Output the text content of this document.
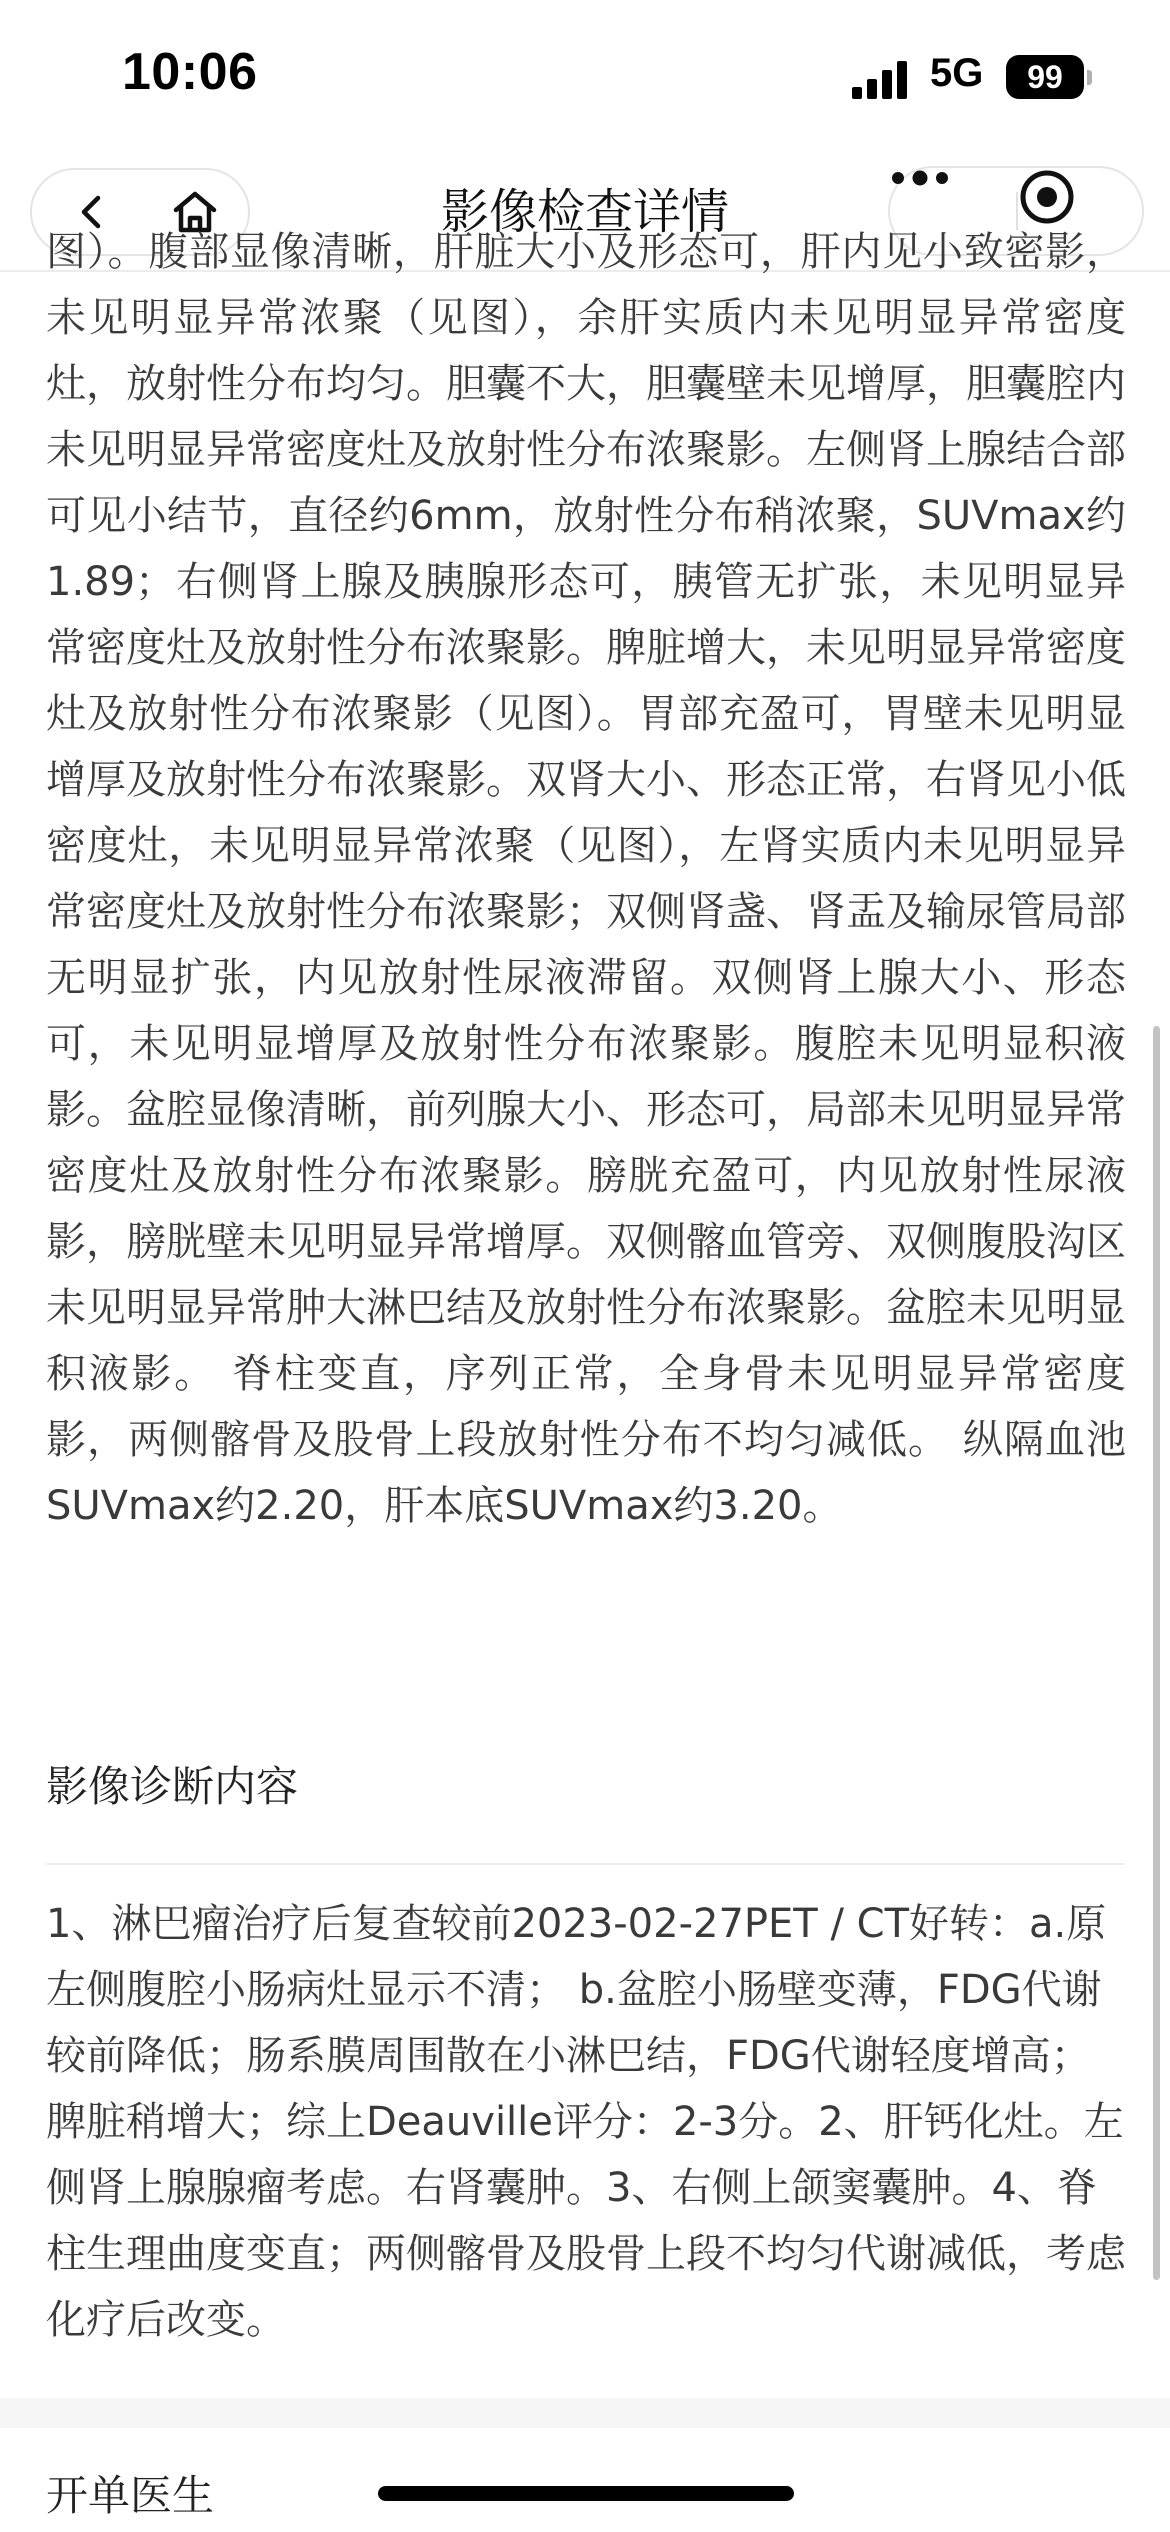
10:06	5G	99
影像检查详情

图）。腹部显像清晰，肝脏大小及形态可，肝内见小致密影，未见明显异常浓聚（见图），余肝实质内未见明显异常密度灶，放射性分布均匀。胆囊不大，胆囊壁未见增厚，胆囊腔内未见明显异常密度灶及放射性分布浓聚影。左侧肾上腺结合部可见小结节，直径约6mm，放射性分布稍浓聚，SUVmax约1.89；右侧肾上腺及胰腺形态可，胰管无扩张，未见明显异常密度灶及放射性分布浓聚影。脾脏增大，未见明显异常密度灶及放射性分布浓聚影（见图）。胃部充盈可，胃壁未见明显增厚及放射性分布浓聚影。双肾大小、形态正常，右肾见小低密度灶，未见明显异常浓聚（见图），左肾实质内未见明显异常密度灶及放射性分布浓聚影；双侧肾盏、肾盂及输尿管局部无明显扩张，内见放射性尿液滞留。双侧肾上腺大小、形态可，未见明显增厚及放射性分布浓聚影。腹腔未见明显积液影。盆腔显像清晰，前列腺大小、形态可，局部未见明显异常密度灶及放射性分布浓聚影。膀胱充盈可，内见放射性尿液影，膀胱壁未见明显异常增厚。双侧髂血管旁、双侧腹股沟区未见明显异常肿大淋巴结及放射性分布浓聚影。盆腔未见明显积液影。 脊柱变直，序列正常，全身骨未见明显异常密度影，两侧髂骨及股骨上段放射性分布不均匀减低。 纵隔血池SUVmax约2.20，肝本底SUVmax约3.20。

影像诊断内容

1、淋巴瘤治疗后复查较前2023-02-27PET / CT好转：a.原左侧腹腔小肠病灶显示不清； b.盆腔小肠壁变薄，FDG代谢较前降低；肠系膜周围散在小淋巴结，FDG代谢轻度增高；脾脏稍增大；综上Deauville评分：2-3分。2、肝钙化灶。左侧肾上腺腺瘤考虑。右肾囊肿。3、右侧上颌窦囊肿。4、脊柱生理曲度变直；两侧髂骨及股骨上段不均匀代谢减低，考虑化疗后改变。

开单医生
